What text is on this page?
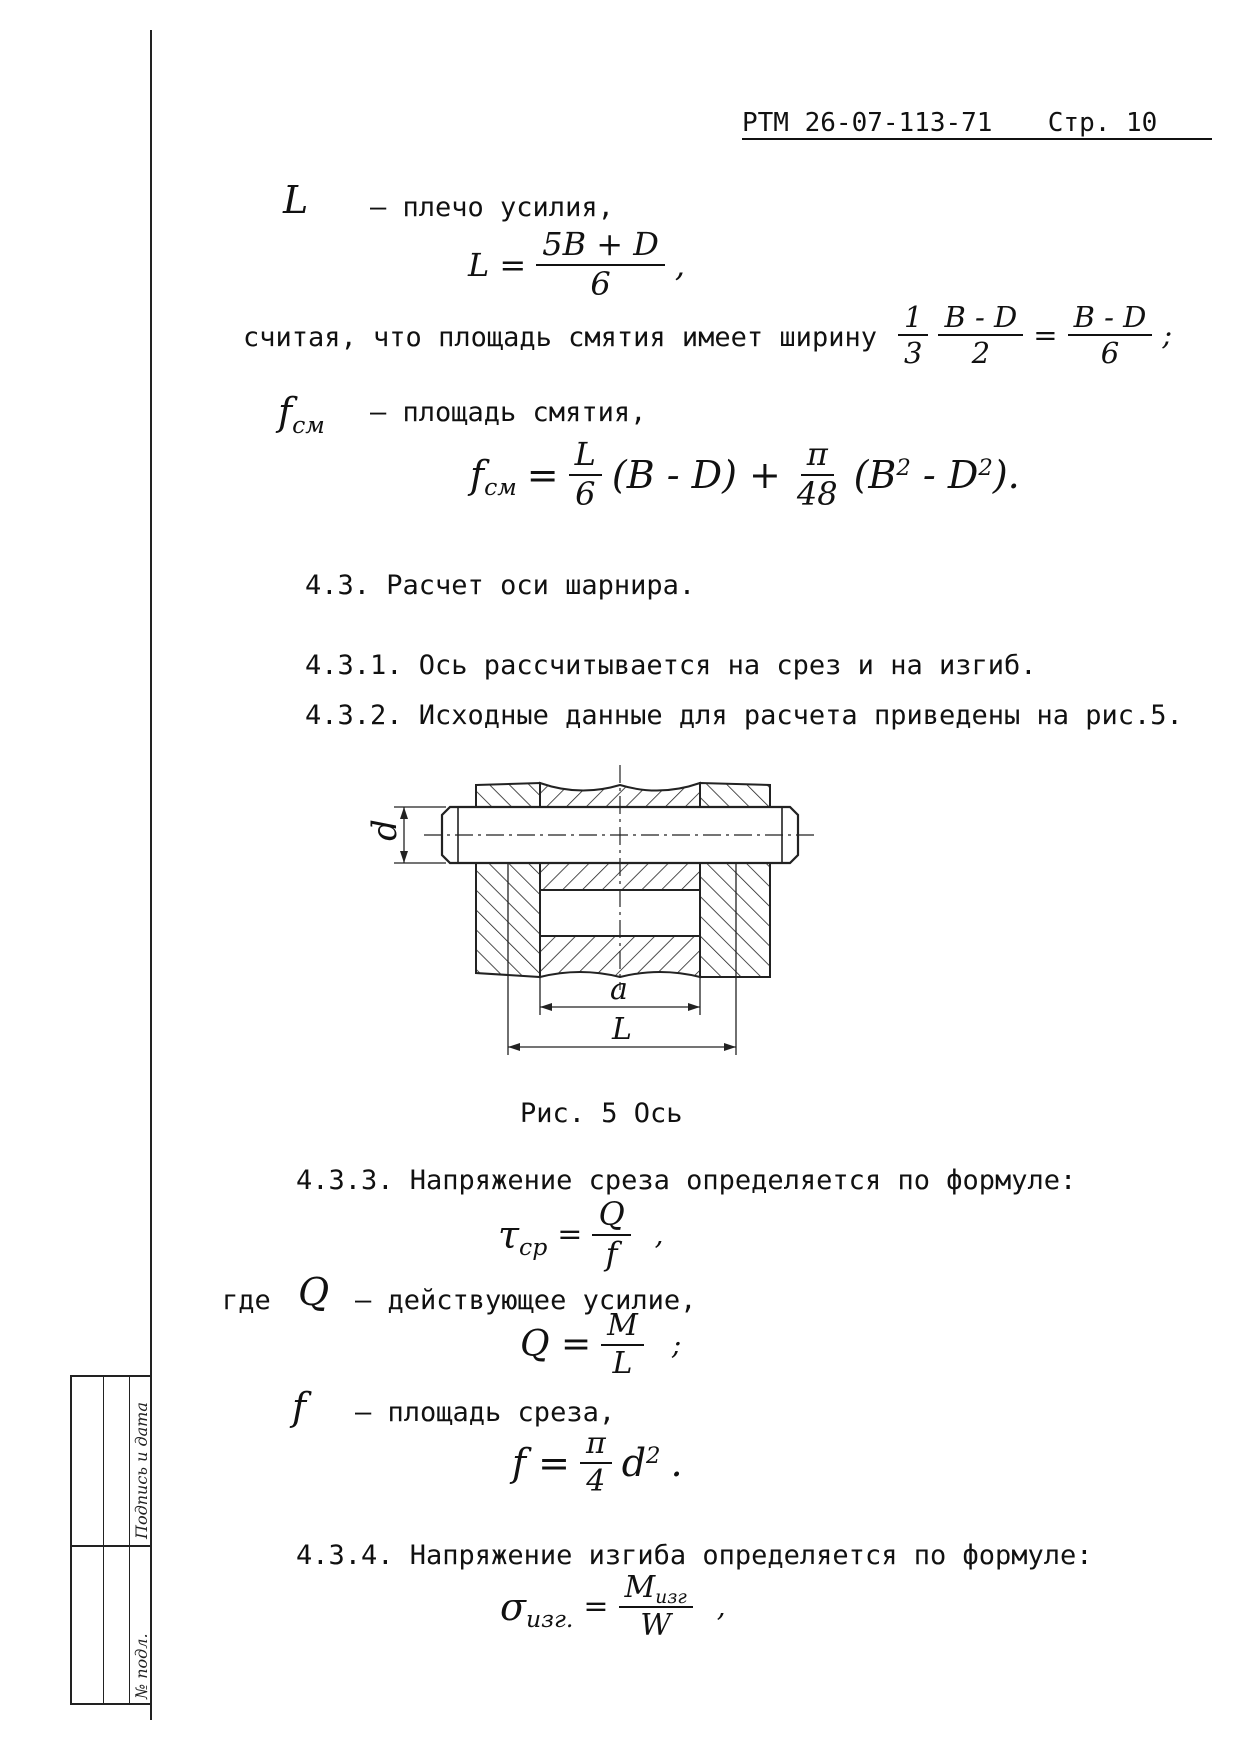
РТМ 26-07-113-71 Стр. 10
L – плечо усилия,
$L = \frac{5B + D}{6}$ ,
считая, что площадь смятия имеет ширину $\frac{1}{3} \frac{B - D}{2} = \frac{B - D}{6}$ ;
fсм – площадь смятия,
fсм = $\frac{L}{6} (B - D) + \frac{\pi}{48} (B^2 - D^2)$.
4.3. Расчет оси шарнира.
4.3.1. Ось рассчитывается на срез и на изгиб.
4.3.2. Исходные данные для расчета приведены на рис.5.
d
a
L
Рис. 5 Ось
4.3.3. Напряжение среза определяется по формуле:
$\tau ср = \frac{Q}{f}$ ,
где Q – действующее усилие,
$Q = \frac{M}{L}$ ;
f – площадь среза,
$f = \frac{\pi}{4} d^2$ .
4.3.4. Напряжение изгиба определяется по формуле:
σизг. = $\frac{\text{Mизг}}{W}$ ,
Подпись и дата
№ подл.
